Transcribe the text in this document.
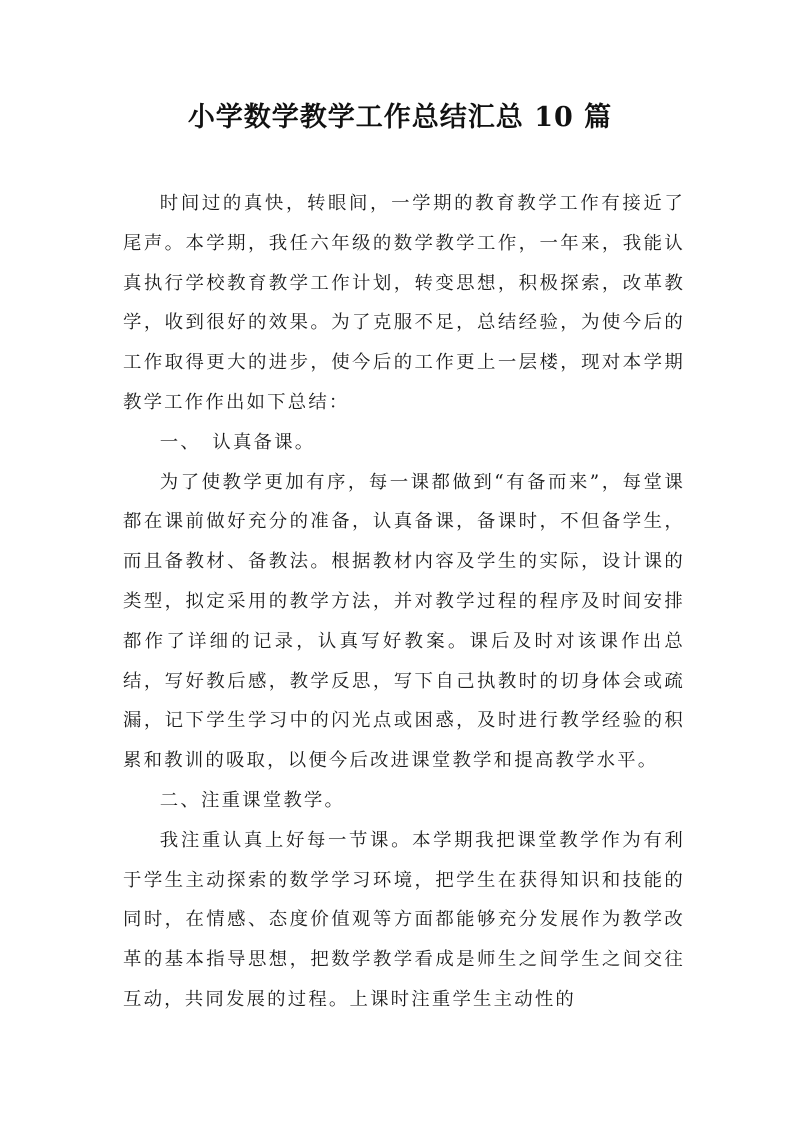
小学数学教学工作总结汇总 10 篇

时间过的真快，转眼间，一学期的教育教学工作有接近了尾声。本学期，我任六年级的数学教学工作，一年来，我能认真执行学校教育教学工作计划，转变思想，积极探索，改革教学，收到很好的效果。为了克服不足，总结经验，为使今后的工作取得更大的进步，使今后的工作更上一层楼，现对本学期教学工作作出如下总结：

一、　认真备课。

为了使教学更加有序，每一课都做到“有备而来”，每堂课都在课前做好充分的准备，认真备课，备课时，不但备学生，而且备教材、备教法。根据教材内容及学生的实际，设计课的类型，拟定采用的教学方法，并对教学过程的程序及时间安排都作了详细的记录，认真写好教案。课后及时对该课作出总结，写好教后感，教学反思，写下自己执教时的切身体会或疏漏，记下学生学习中的闪光点或困惑，及时进行教学经验的积累和教训的吸取，以便今后改进课堂教学和提高教学水平。

二、注重课堂教学。

我注重认真上好每一节课。本学期我把课堂教学作为有利于学生主动探索的数学学习环境，把学生在获得知识和技能的同时，在情感、态度价值观等方面都能够充分发展作为教学改革的基本指导思想，把数学教学看成是师生之间学生之间交往互动，共同发展的过程。上课时注重学生主动性的
